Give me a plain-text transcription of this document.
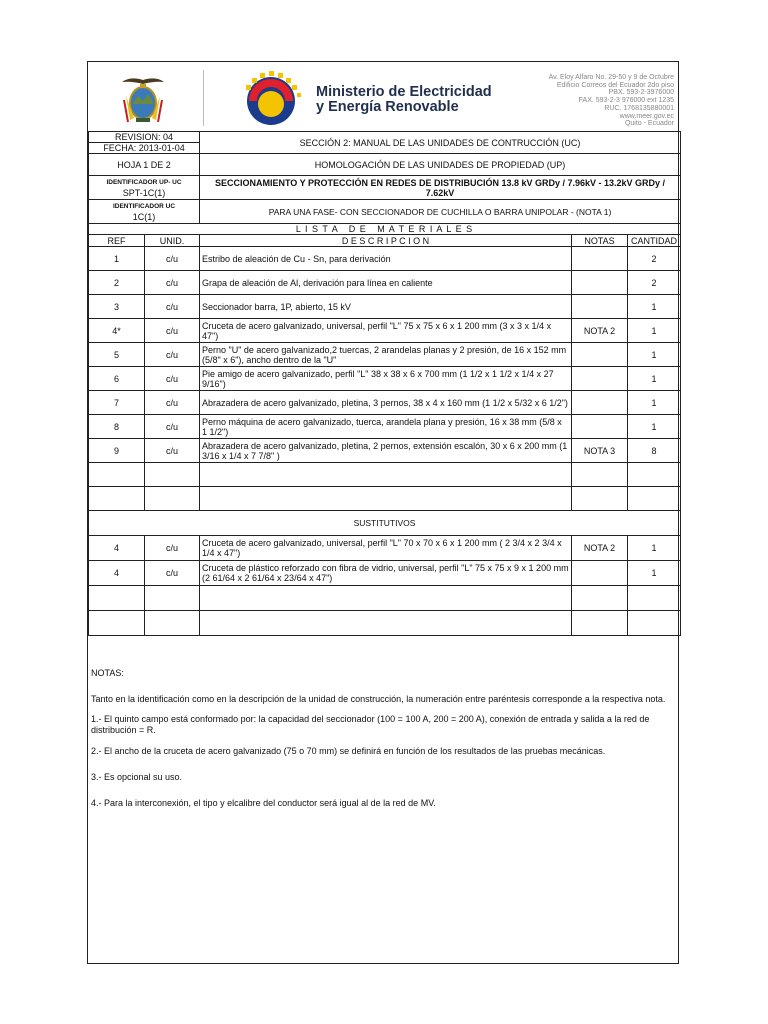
Ministerio de Electricidad
y Energía Renovable
Av. Eloy Alfaro No. 29-50 y 9 de Octubre
Edificio Correos del Ecuador 2do piso
PBX. 593-2-3976000
FAX. 593-2-3 976000 ext 1235
RUC. 1768135880001
www.meer.gov.ec
Quito - Ecuador
REVISION: 04		SECCIÓN 2: MANUAL DE LAS UNIDADES DE CONTRUCCIÓN (UC)		
FECHA: 2013-01-04				
HOJA 1 DE 2		HOMOLOGACIÓN DE LAS UNIDADES DE PROPIEDAD (UP)		

IDENTIFICADOR UP- UC
SPT-1C(1)		SECCIONAMIENTO Y PROTECCIÓN EN REDES DE DISTRIBUCIÓN 13.8 kV GRDy / 7.96kV - 13.2kV GRDy / 7.62kV		

IDENTIFICADOR UC
1C(1)		PARA UNA FASE- CON SECCIONADOR DE CUCHILLA O BARRA UNIPOLAR - (NOTA 1)		
L I S T A   D E   M A T E R I A L E S				
REF	UNID.	D E S C R I P C I O N	NOTAS	CANTIDAD
1	c/u	Estribo de aleación de Cu - Sn, para derivación		2
2	c/u	Grapa de aleación de Al, derivación para línea en caliente		2
3	c/u	Seccionador barra, 1P, abierto, 15 kV		1
4*	c/u	Cruceta de acero galvanizado, universal, perfil "L" 75 x 75 x 6 x 1 200 mm (3 x 3 x 1/4 x 47")	NOTA 2	1
5	c/u	Perno "U" de acero galvanizado,2 tuercas, 2 arandelas planas y 2 presión, de 16 x 152 mm (5/8" x 6"), ancho dentro de la "U"		1
6	c/u	Pie amigo de acero galvanizado, perfil "L" 38 x 38 x 6 x 700 mm (1 1/2 x 1 1/2 x 1/4 x 27 9/16")		1
7	c/u	Abrazadera de acero galvanizado, pletina, 3 pernos, 38 x 4 x 160 mm (1 1/2 x 5/32 x 6 1/2")		1
8	c/u	Perno máquina de acero galvanizado, tuerca, arandela plana y presión, 16 x 38 mm (5/8 x 1 1/2")		1
9	c/u	Abrazadera de acero galvanizado, pletina, 2 pernos, extensión escalón, 30 x 6 x 200 mm (1 3/16 x 1/4 x 7 7/8" )	NOTA 3	8

SUSTITUTIVOS				
4	c/u	Cruceta de acero galvanizado, universal, perfil "L" 70 x 70 x 6 x 1 200 mm ( 2 3/4 x 2 3/4 x 1/4 x 47")	NOTA 2	1
4	c/u	Cruceta de plástico reforzado con fibra de vidrio, universal, perfil "L" 75 x 75 x 9 x 1 200 mm (2 61/64 x 2 61/64 x 23/64 x 47")		1

NOTAS:

Tanto en la identificación como en la descripción de la unidad de construcción, la numeración entre paréntesis corresponde a la respectiva nota.

1.- El quinto campo está conformado por: la capacidad del seccionador (100 = 100 A, 200 = 200 A), conexión de entrada y salida a la red de distribución = R.

2.- El ancho de la cruceta de acero galvanizado (75 o 70 mm) se definirá en función de los resultados de las pruebas mecánicas.

3.- Es opcional su uso.

4.- Para la interconexión, el tipo y elcalibre del conductor será igual al de la red de MV.
